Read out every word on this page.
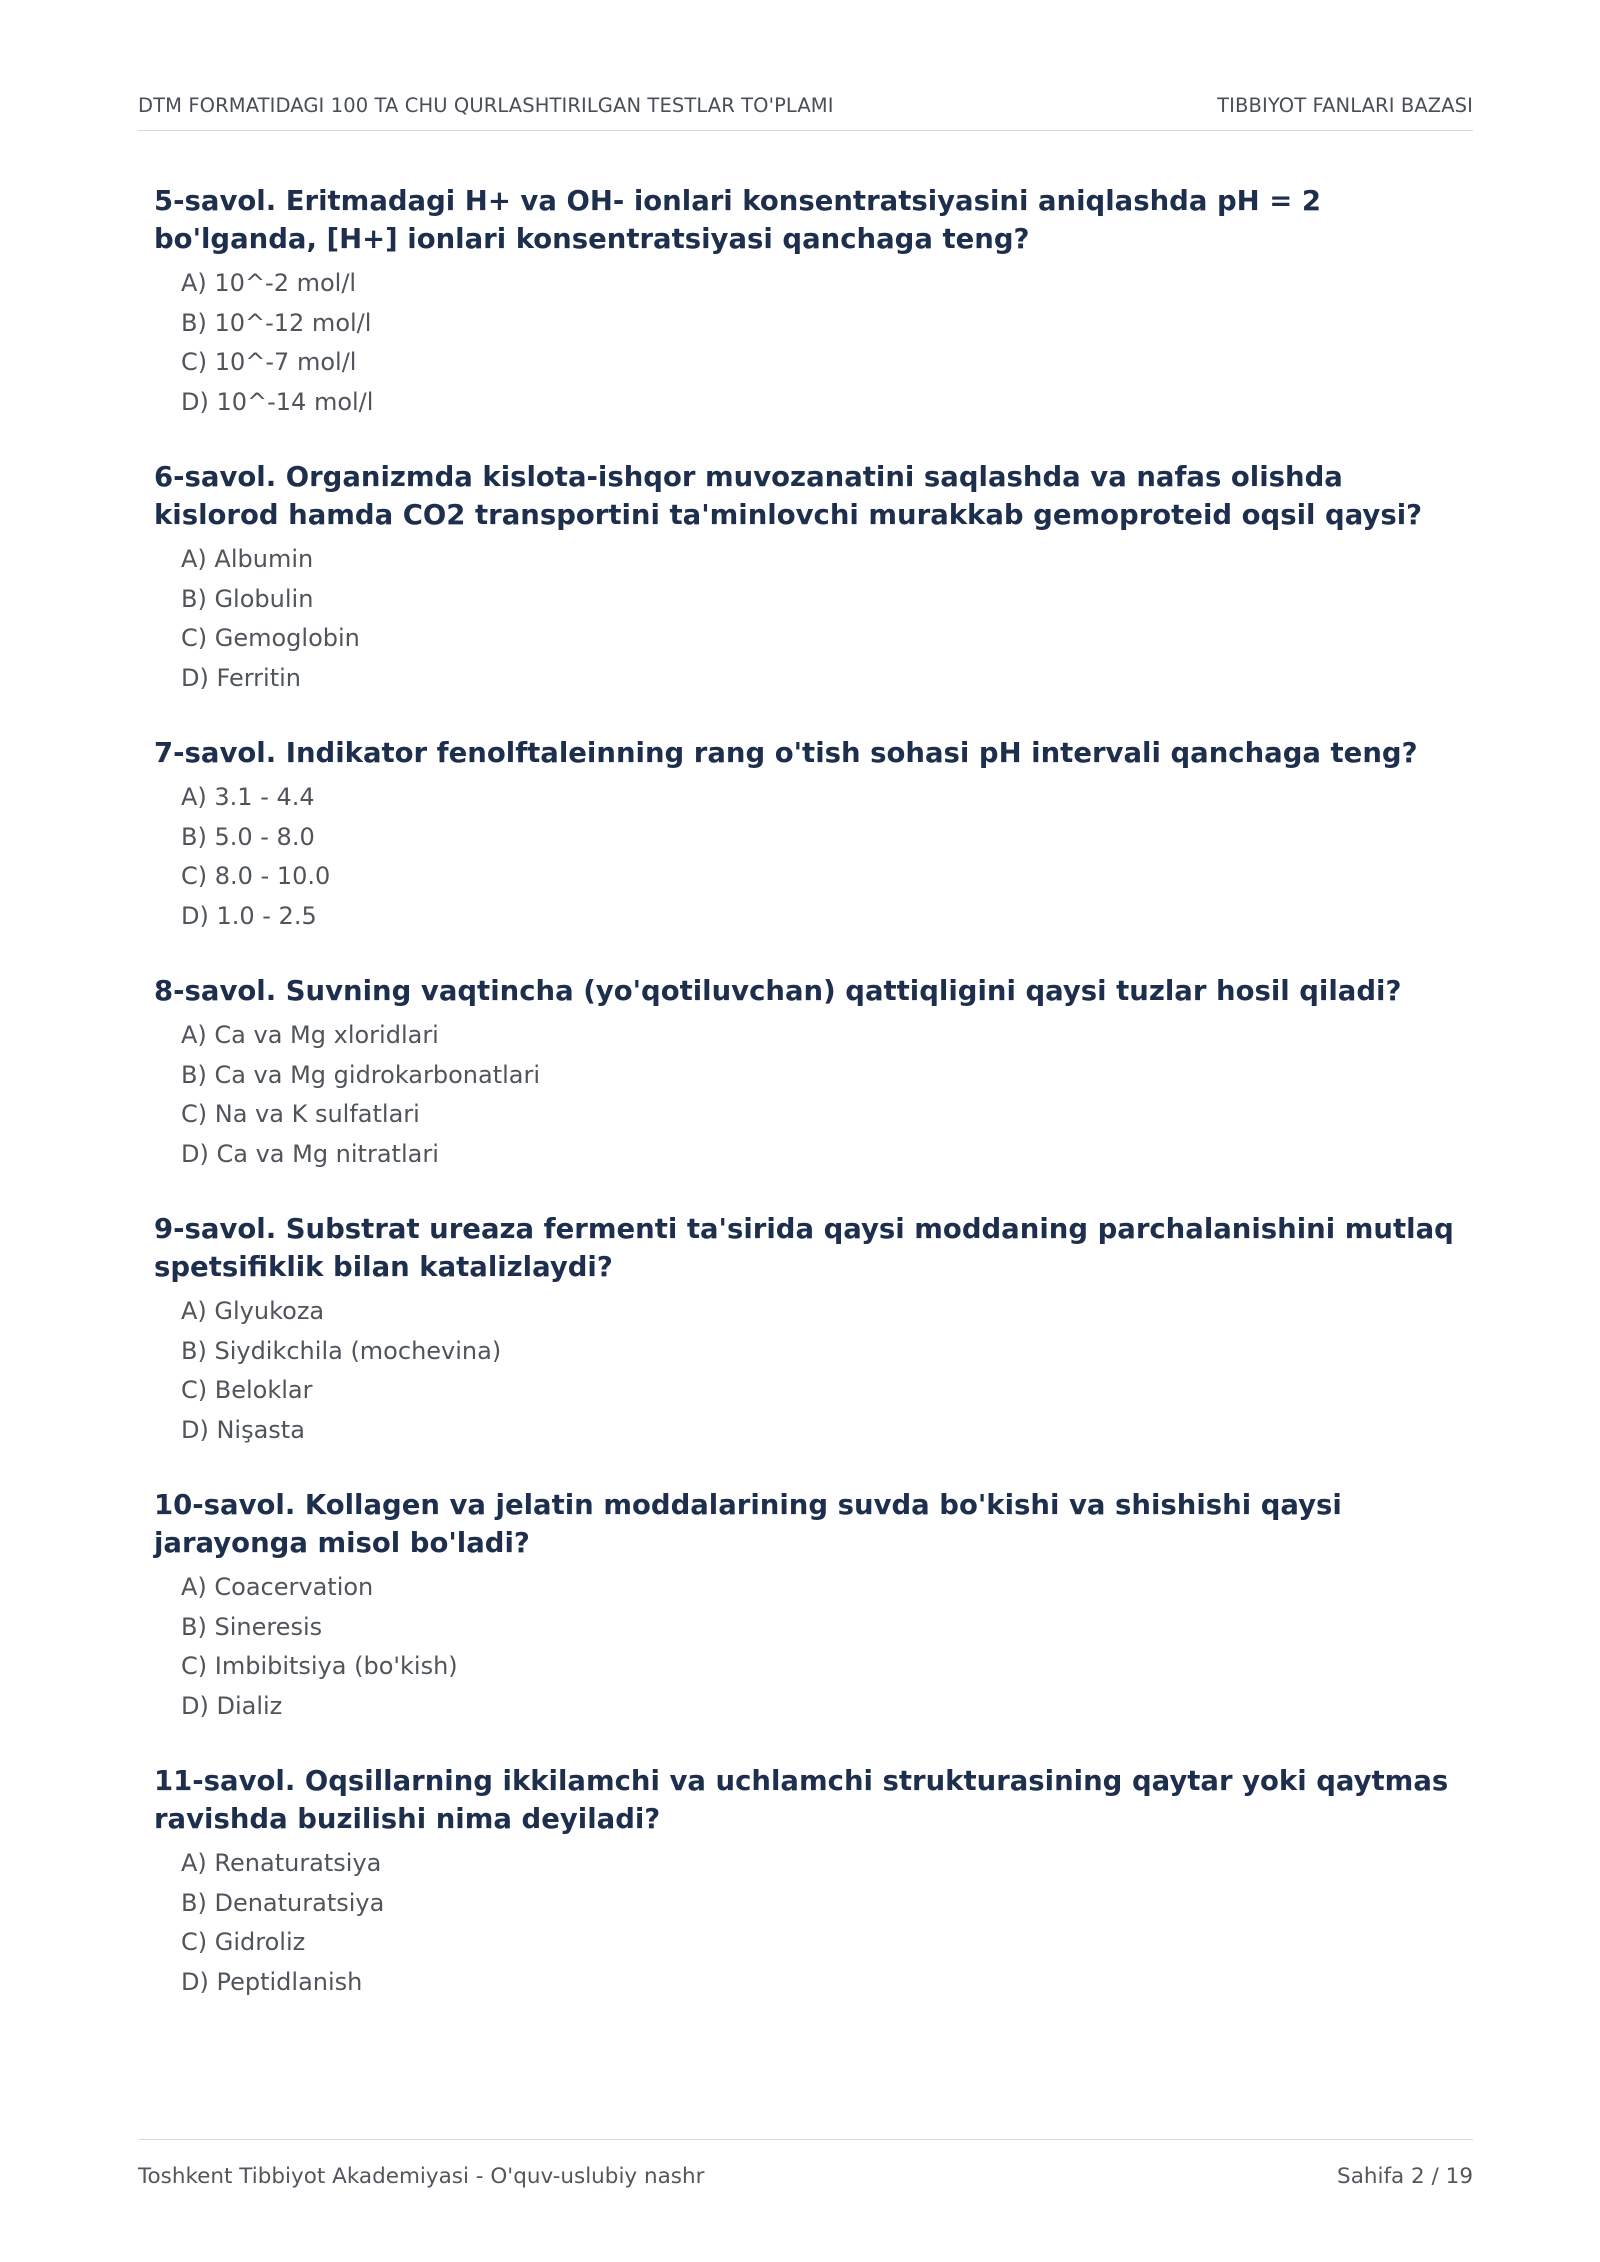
DTM FORMATIDAGI 100 TA CHU QURLASHTIRILGAN TESTLAR TO'PLAMI	TIBBIYOT FANLARI BAZASI

5-savol. Eritmadagi H+ va OH- ionlari konsentratsiyasini aniqlashda pH = 2 bo'lganda, [H+] ionlari konsentratsiyasi qanchaga teng?

A) 10^-2 mol/l
B) 10^-12 mol/l
C) 10^-7 mol/l
D) 10^-14 mol/l

6-savol. Organizmda kislota-ishqor muvozanatini saqlashda va nafas olishda kislorod hamda CO2 transportini ta'minlovchi murakkab gemoproteid oqsil qaysi?

A) Albumin
B) Globulin
C) Gemoglobin
D) Ferritin

7-savol. Indikator fenolftaleinning rang o'tish sohasi pH intervali qanchaga teng?

A) 3.1 - 4.4
B) 5.0 - 8.0
C) 8.0 - 10.0
D) 1.0 - 2.5

8-savol. Suvning vaqtincha (yo'qotiluvchan) qattiqligini qaysi tuzlar hosil qiladi?

A) Ca va Mg xloridlari
B) Ca va Mg gidrokarbonatlari
C) Na va K sulfatlari
D) Ca va Mg nitratlari

9-savol. Substrat ureaza fermenti ta'sirida qaysi moddaning parchalanishini mutlaq spetsifiklik bilan katalizlaydi?

A) Glyukoza
B) Siydikchila (mochevina)
C) Beloklar
D) Nişasta

10-savol. Kollagen va jelatin moddalarining suvda bo'kishi va shishishi qaysi jarayonga misol bo'ladi?

A) Coacervation
B) Sineresis
C) Imbibitsiya (bo'kish)
D) Dializ

11-savol. Oqsillarning ikkilamchi va uchlamchi strukturasining qaytar yoki qaytmas ravishda buzilishi nima deyiladi?

A) Renaturatsiya
B) Denaturatsiya
C) Gidroliz
D) Peptidlanish
Toshkent Tibbiyot Akademiyasi - O'quv-uslubiy nashr	Sahifa 2 / 19
